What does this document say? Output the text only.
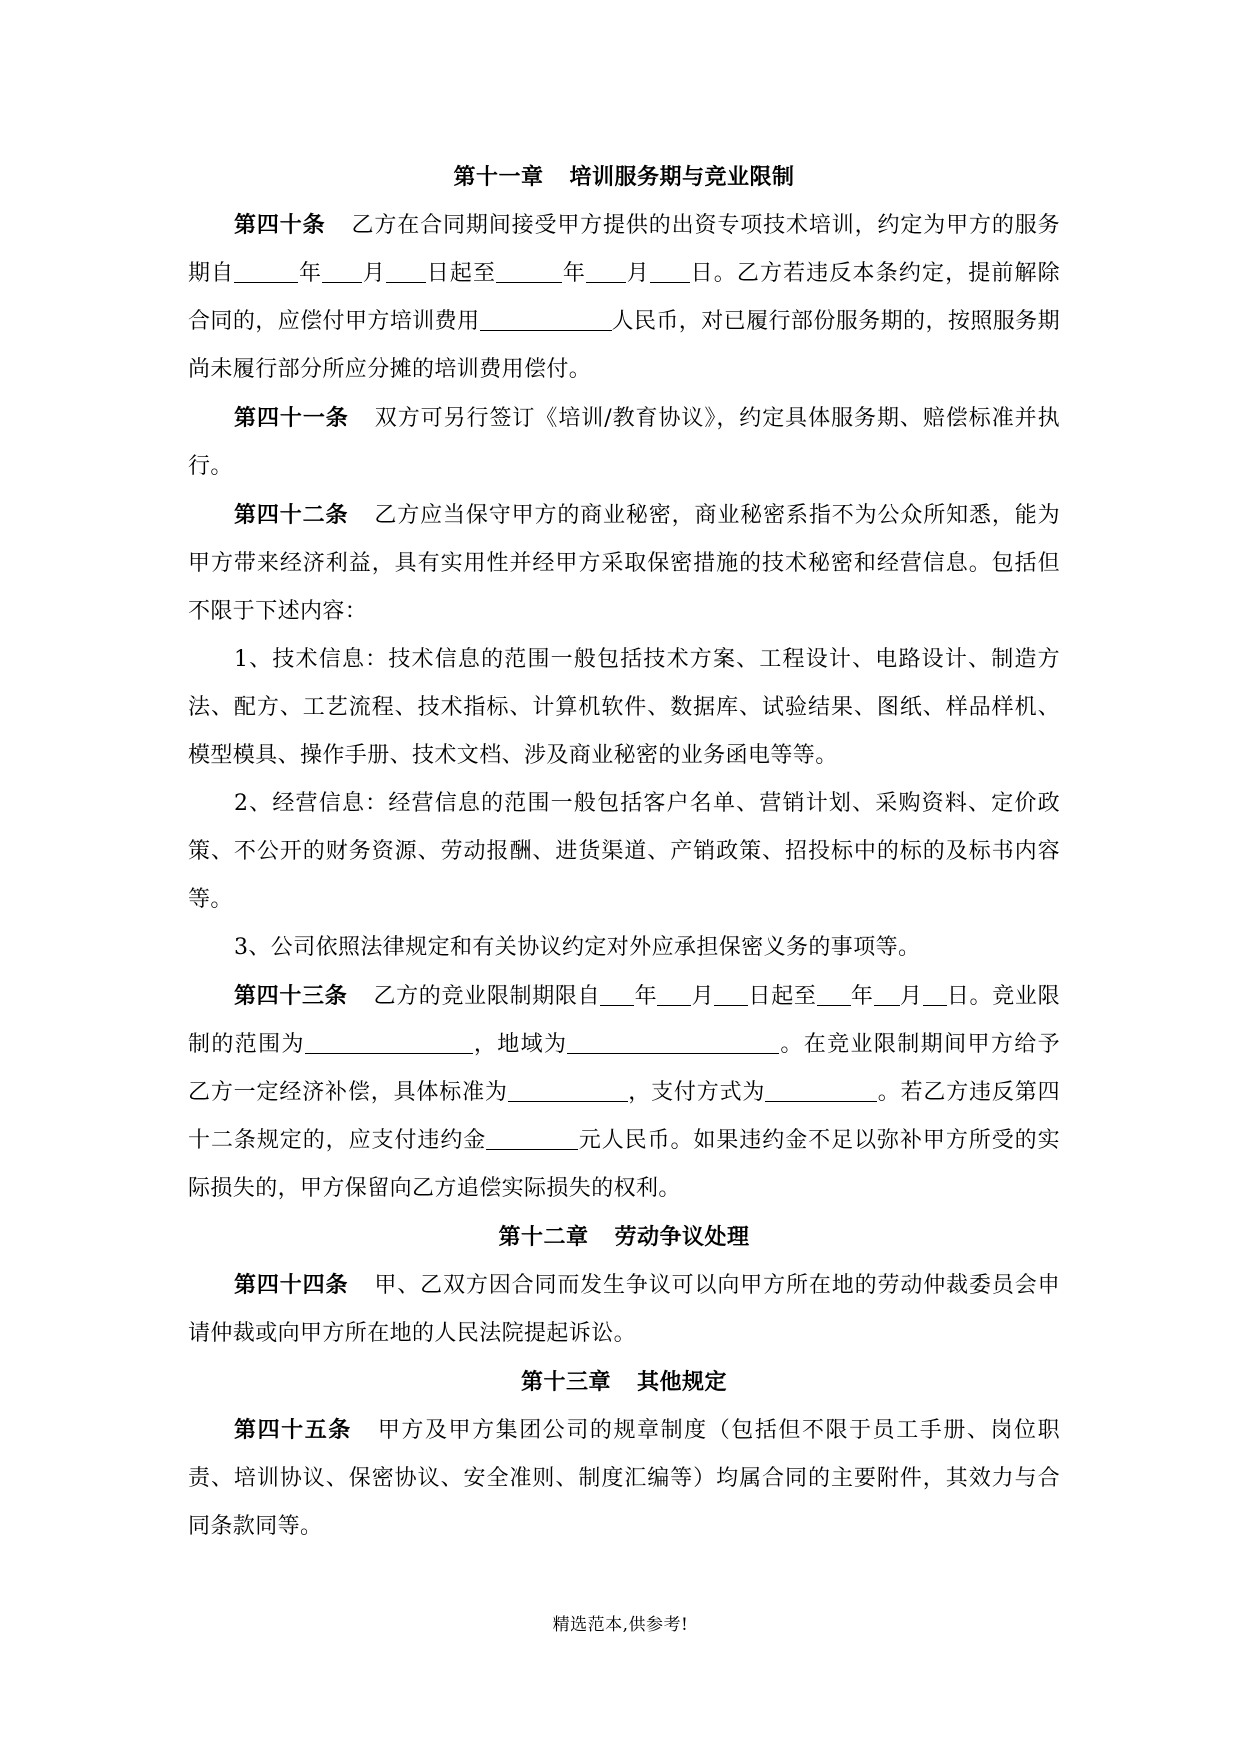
第十一章 培训服务期与竞业限制

第四十条 乙方在合同期间接受甲方提供的出资专项技术培训，约定为甲方的服务期自	年 月 日起至	年 月 日。乙方若违反本条约定，提前解除合同的，应偿付甲方培训费用	人民币，对已履行部份服务期的，按照服务期尚未履行部分所应分摊的培训费用偿付。

第四十一条 双方可另行签订《培训/教育协议》，约定具体服务期、赔偿标准并执行。

第四十二条 乙方应当保守甲方的商业秘密，商业秘密系指不为公众所知悉，能为甲方带来经济利益，具有实用性并经甲方采取保密措施的技术秘密和经营信息。包括但不限于下述内容：

1、技术信息：技术信息的范围一般包括技术方案、工程设计、电路设计、制造方法、配方、工艺流程、技术指标、计算机软件、数据库、试验结果、图纸、样品样机、模型模具、操作手册、技术文档、涉及商业秘密的业务函电等等。

2、经营信息：经营信息的范围一般包括客户名单、营销计划、采购资料、定价政策、不公开的财务资源、劳动报酬、进货渠道、产销政策、招投标中的标的及标书内容等。

3、公司依照法律规定和有关协议约定对外应承担保密义务的事项等。

第四十三条 乙方的竞业限制期限自 年 月 日起至 年 月 日。竞业限制的范围为	，地域为	。在竞业限制期间甲方给予乙方一定经济补偿，具体标准为	，支付方式为	。若乙方违反第四十二条规定的，应支付违约金	元人民币。如果违约金不足以弥补甲方所受的实际损失的，甲方保留向乙方追偿实际损失的权利。

第十二章 劳动争议处理

第四十四条 甲、乙双方因合同而发生争议可以向甲方所在地的劳动仲裁委员会申请仲裁或向甲方所在地的人民法院提起诉讼。

第十三章 其他规定

第四十五条 甲方及甲方集团公司的规章制度（包括但不限于员工手册、岗位职责、培训协议、保密协议、安全准则、制度汇编等）均属合同的主要附件，其效力与合同条款同等。

精选范本,供参考!
